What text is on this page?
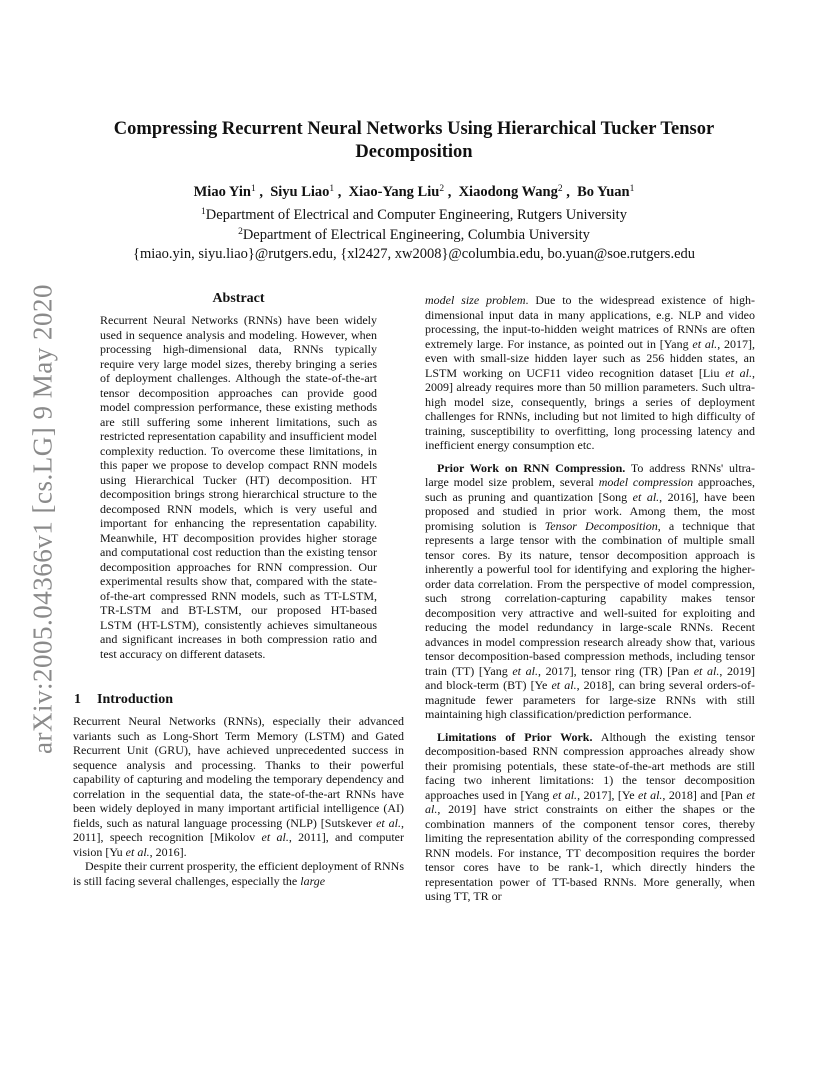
arXiv:2005.04366v1 [cs.LG] 9 May 2020
Compressing Recurrent Neural Networks Using Hierarchical Tucker Tensor Decomposition
Miao Yin$^1$ ,  Siyu Liao$^1$ ,  Xiao-Yang Liu$^2$ ,  Xiaodong Wang$^2$ ,  Bo Yuan$^1$
$^1$Department of Electrical and Computer Engineering, Rutgers University
$^2$Department of Electrical Engineering, Columbia University
{miao.yin, siyu.liao}@rutgers.edu, {xl2427, xw2008}@columbia.edu, bo.yuan@soe.rutgers.edu
Abstract

Recurrent Neural Networks (RNNs) have been widely used in sequence analysis and modeling. However, when processing high-dimensional data, RNNs typically require very large model sizes, thereby bringing a series of deployment challenges. Although the state-of-the-art tensor decomposition approaches can provide good model compression performance, these existing methods are still suffering some inherent limitations, such as restricted representation capability and insufficient model complexity reduction. To overcome these limitations, in this paper we propose to develop compact RNN models using Hierarchical Tucker (HT) decomposition. HT decomposition brings strong hierarchical structure to the decomposed RNN models, which is very useful and important for enhancing the representation capability. Meanwhile, HT decomposition provides higher storage and computational cost reduction than the existing tensor decomposition approaches for RNN compression. Our experimental results show that, compared with the state-of-the-art compressed RNN models, such as TT-LSTM, TR-LSTM and BT-LSTM, our proposed HT-based LSTM (HT-LSTM), consistently achieves simultaneous and significant increases in both compression ratio and test accuracy on different datasets.

1 Introduction

Recurrent Neural Networks (RNNs), especially their advanced variants such as Long-Short Term Memory (LSTM) and Gated Recurrent Unit (GRU), have achieved unprecedented success in sequence analysis and processing. Thanks to their powerful capability of capturing and modeling the temporary dependency and correlation in the sequential data, the state-of-the-art RNNs have been widely deployed in many important artificial intelligence (AI) fields, such as natural language processing (NLP) [Sutskever et al., 2011], speech recognition [Mikolov et al., 2011], and computer vision [Yu et al., 2016].

Despite their current prosperity, the efficient deployment of RNNs is still facing several challenges, especially the large

model size problem. Due to the widespread existence of high-dimensional input data in many applications, e.g. NLP and video processing, the input-to-hidden weight matrices of RNNs are often extremely large. For instance, as pointed out in [Yang et al., 2017], even with small-size hidden layer such as 256 hidden states, an LSTM working on UCF11 video recognition dataset [Liu et al., 2009] already requires more than 50 million parameters. Such ultra-high model size, consequently, brings a series of deployment challenges for RNNs, including but not limited to high difficulty of training, susceptibility to overfitting, long processing latency and inefficient energy consumption etc.

Prior Work on RNN Compression. To address RNNs' ultra-large model size problem, several model compression approaches, such as pruning and quantization [Song et al., 2016], have been proposed and studied in prior work. Among them, the most promising solution is Tensor Decomposition, a technique that represents a large tensor with the combination of multiple small tensor cores. By its nature, tensor decomposition approach is inherently a powerful tool for identifying and exploring the higher-order data correlation. From the perspective of model compression, such strong correlation-capturing capability makes tensor decomposition very attractive and well-suited for exploiting and reducing the model redundancy in large-scale RNNs. Recent advances in model compression research already show that, various tensor decomposition-based compression methods, including tensor train (TT) [Yang et al., 2017], tensor ring (TR) [Pan et al., 2019] and block-term (BT) [Ye et al., 2018], can bring several orders-of-magnitude fewer parameters for large-size RNNs with still maintaining high classification/prediction performance.

Limitations of Prior Work. Although the existing tensor decomposition-based RNN compression approaches already show their promising potentials, these state-of-the-art methods are still facing two inherent limitations: 1) the tensor decomposition approaches used in [Yang et al., 2017], [Ye et al., 2018] and [Pan et al., 2019] have strict constraints on either the shapes or the combination manners of the component tensor cores, thereby limiting the representation ability of the corresponding compressed RNN models. For instance, TT decomposition requires the border tensor cores have to be rank-1, which directly hinders the representation power of TT-based RNNs. More generally, when using TT, TR or
